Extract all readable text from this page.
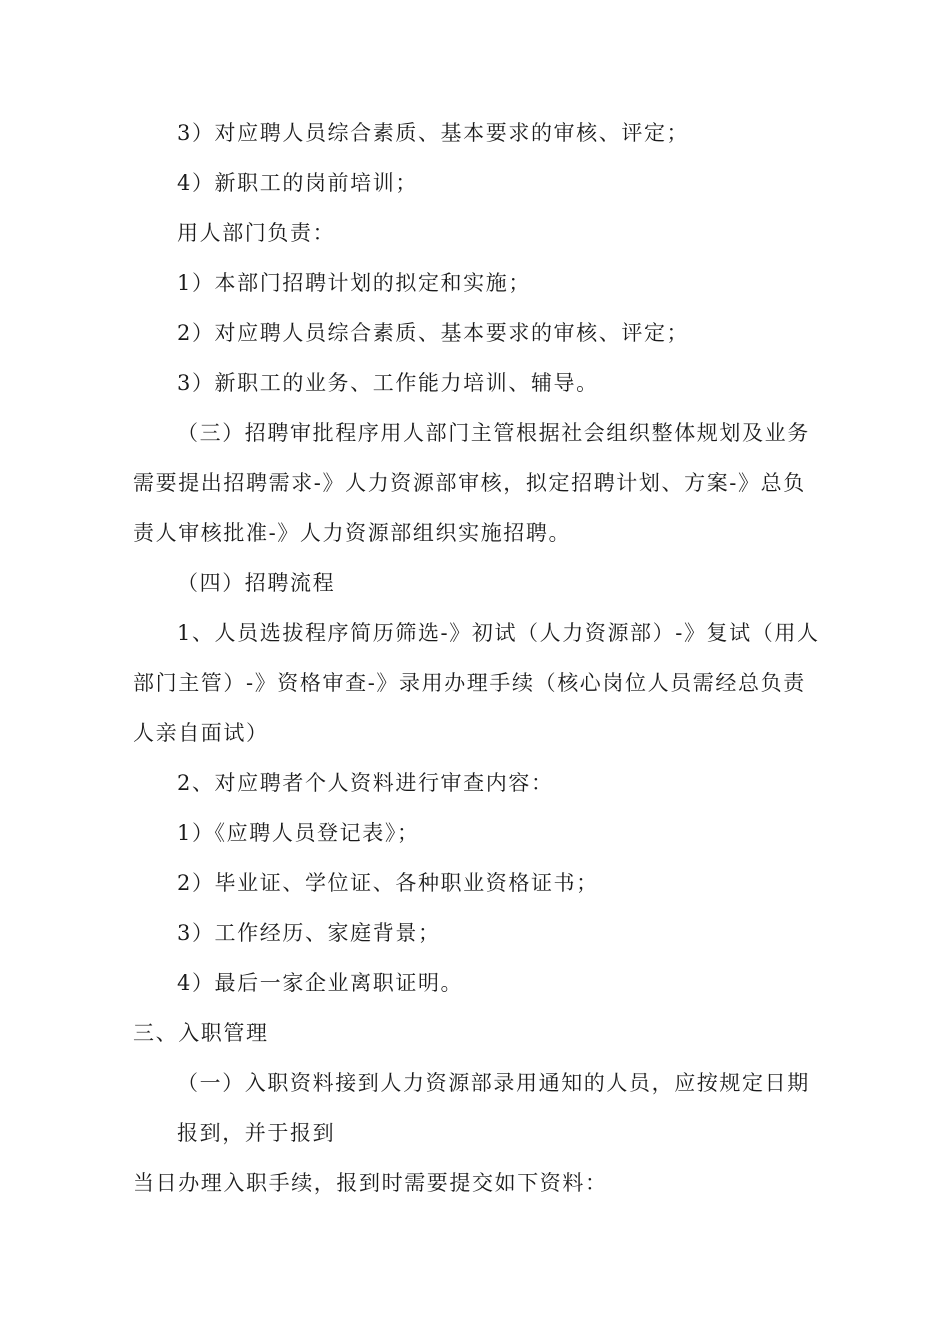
3）对应聘人员综合素质、基本要求的审核、评定；

4）新职工的岗前培训；

用人部门负责：

1）本部门招聘计划的拟定和实施；

2）对应聘人员综合素质、基本要求的审核、评定；

3）新职工的业务、工作能力培训、辅导。

（三）招聘审批程序用人部门主管根据社会组织整体规划及业务

需要提出招聘需求-》人力资源部审核，拟定招聘计划、方案-》总负

责人审核批准-》人力资源部组织实施招聘。

（四）招聘流程

1、人员选拔程序简历筛选-》初试（人力资源部）-》复试（用人

部门主管）-》资格审查-》录用办理手续（核心岗位人员需经总负责

人亲自面试）

2、对应聘者个人资料进行审查内容：

1）《应聘人员登记表》；

2）毕业证、学位证、各种职业资格证书；

3）工作经历、家庭背景；

4）最后一家企业离职证明。

三、入职管理

（一）入职资料接到人力资源部录用通知的人员，应按规定日期

报到，并于报到

当日办理入职手续，报到时需要提交如下资料：
